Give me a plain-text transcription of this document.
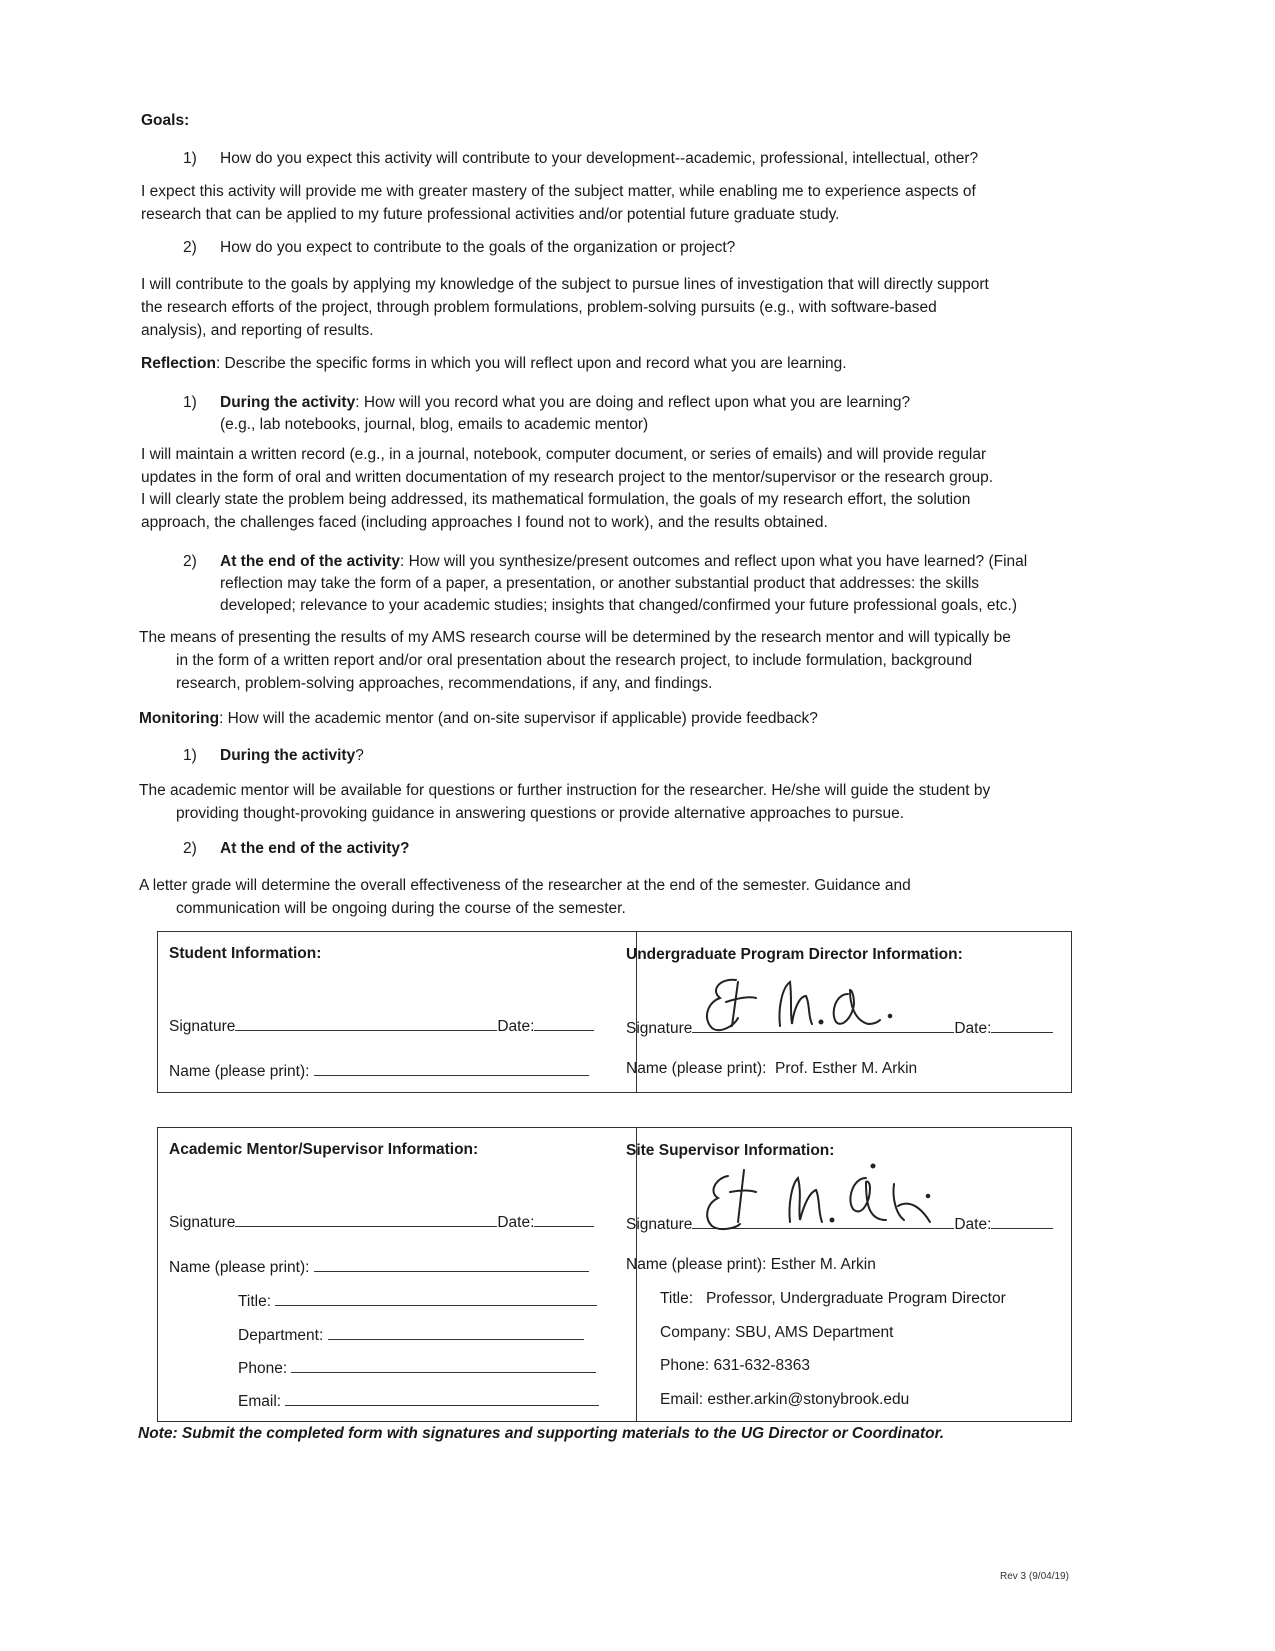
Goals:
1) How do you expect this activity will contribute to your development--academic, professional, intellectual, other?
I expect this activity will provide me with greater mastery of the subject matter, while enabling me to experience aspects of
research that can be applied to my future professional activities and/or potential future graduate study.
2) How do you expect to contribute to the goals of the organization or project?
I will contribute to the goals by applying my knowledge of the subject to pursue lines of investigation that will directly support
the research efforts of the project, through problem formulations, problem-solving pursuits (e.g., with software-based
analysis), and reporting of results.
Reflection: Describe the specific forms in which you will reflect upon and record what you are learning.
1) During the activity: How will you record what you are doing and reflect upon what you are learning?
(e.g., lab notebooks, journal, blog, emails to academic mentor)
I will maintain a written record (e.g., in a journal, notebook, computer document, or series of emails) and will provide regular
updates in the form of oral and written documentation of my research project to the mentor/supervisor or the research group.
I will clearly state the problem being addressed, its mathematical formulation, the goals of my research effort, the solution
approach, the challenges faced (including approaches I found not to work), and the results obtained.
2) At the end of the activity: How will you synthesize/present outcomes and reflect upon what you have learned? (Final
reflection may take the form of a paper, a presentation, or another substantial product that addresses: the skills
developed; relevance to your academic studies; insights that changed/confirmed your future professional goals, etc.)
The means of presenting the results of my AMS research course will be determined by the research mentor and will typically be
in the form of a written report and/or oral presentation about the research project, to include formulation, background
research, problem-solving approaches, recommendations, if any, and findings.
Monitoring: How will the academic mentor (and on-site supervisor if applicable) provide feedback?
1) During the activity?
The academic mentor will be available for questions or further instruction for the researcher. He/she will guide the student by
providing thought-provoking guidance in answering questions or provide alternative approaches to pursue.
2) At the end of the activity?
A letter grade will determine the overall effectiveness of the researcher at the end of the semester. Guidance and
communication will be ongoing during the course of the semester.
Student Information:
Signature	Date:
Name (please print):
Undergraduate Program Director Information:
Signature	Date:
Name (please print): Prof. Esther M. Arkin
Academic Mentor/Supervisor Information:
Signature	Date:
Name (please print):
Title:
Department:
Phone:
Email:
Site Supervisor Information:
Signature	Date:
Name (please print): Esther M. Arkin
Title: Professor, Undergraduate Program Director
Company: SBU, AMS Department
Phone: 631-632-8363
Email: esther.arkin@stonybrook.edu
Note: Submit the completed form with signatures and supporting materials to the UG Director or Coordinator.
Rev 3 (9/04/19)
